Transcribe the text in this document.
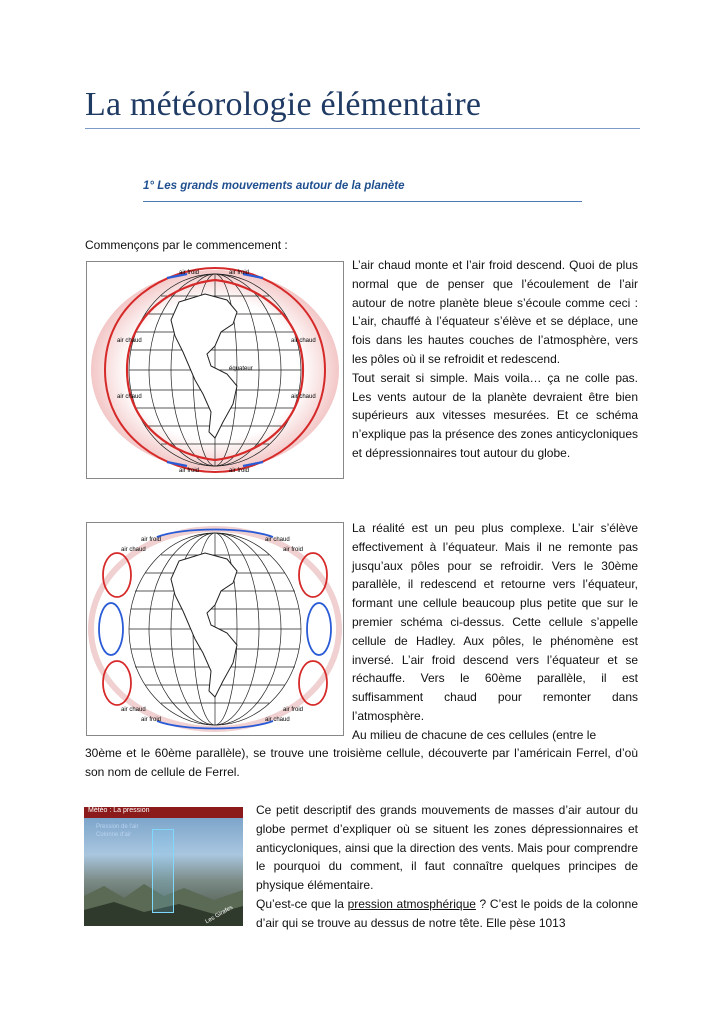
La météorologie élémentaire
1° Les grands mouvements autour de la planète
Commençons par le commencement :
air froid	air froid
air chaud	air chaud
équateur
air chaud	air chaud
air froid	air froid
air froid
air chaud
air chaud
air froid
air froid
air chaud
air chaud
air froid

L’air chaud monte et l’air froid descend. Quoi de plus normal que de penser que l’écoulement de l’air autour de notre planète bleue s’écoule comme ceci : L’air, chauffé à l’équateur s’élève et se déplace, une fois dans les hautes couches de l’atmosphère, vers les pôles où il se refroidit et redescend.

Tout serait si simple. Mais voila… ça ne colle pas. Les vents autour de la planète devraient être bien supérieurs aux vitesses mesurées. Et ce schéma n’explique pas la présence des zones anticycloniques et dépressionnaires tout autour du globe.

La réalité est un peu plus complexe. L’air s’élève effectivement à l’équateur. Mais il ne remonte pas jusqu’aux pôles pour se refroidir. Vers le 30ème parallèle, il redescend et retourne vers l’équateur, formant une cellule beaucoup plus petite que sur le premier schéma ci-dessus. Cette cellule s’appelle cellule de Hadley. Aux pôles, le phénomène est inversé. L’air froid descend vers l’équateur et se réchauffe. Vers le 60ème parallèle, il est suffisamment chaud pour remonter dans l’atmosphère.

Au milieu de chacune de ces cellules (entre le

30ème et le 60ème parallèle), se trouve une troisième cellule, découverte par l’américain Ferrel, d’où son nom de cellule de Ferrel.

Météo : La pression
Pression de l'air
Colonne d'air
Les Girafes

Ce petit descriptif des grands mouvements de masses d’air autour du globe permet d’expliquer où se situent les zones dépressionnaires et anticycloniques, ainsi que la direction des vents. Mais pour comprendre le pourquoi du comment, il faut connaître quelques principes de physique élémentaire.

Qu’est-ce que la pression atmosphérique ? C’est le poids de la colonne d’air qui se trouve au dessus de notre tête. Elle pèse 1013
